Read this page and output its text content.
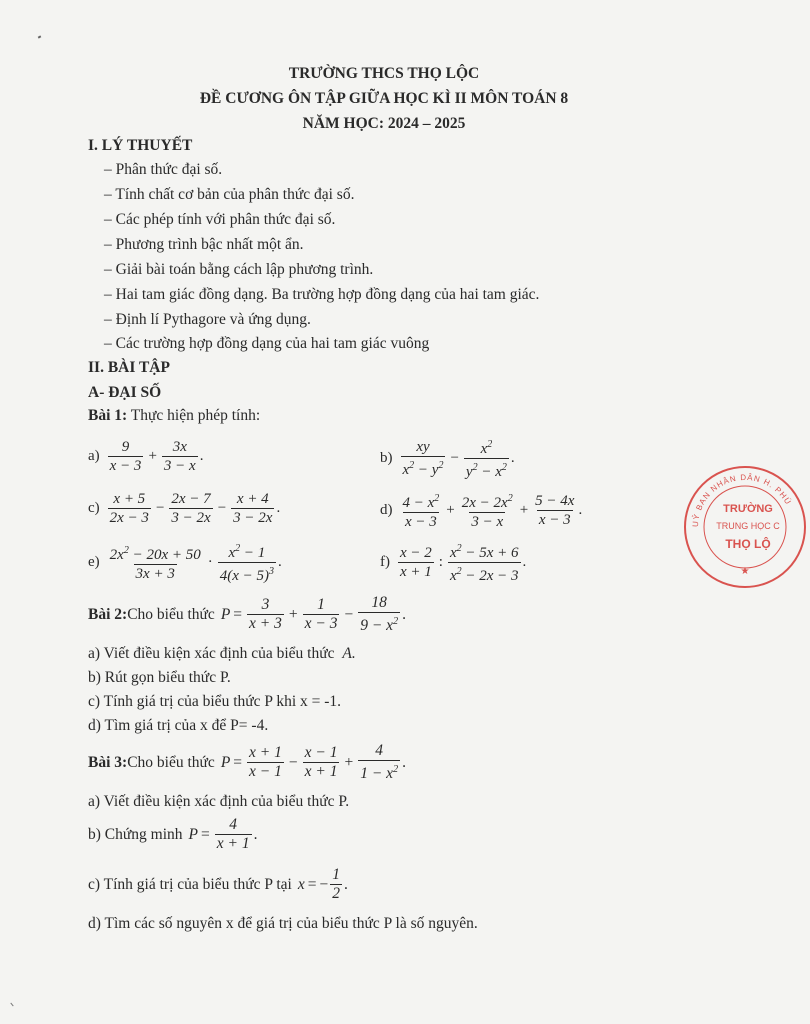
TRƯỜNG THCS THỌ LỘC
ĐỀ CƯƠNG ÔN TẬP GIỮA HỌC KÌ II MÔN TOÁN 8
NĂM HỌC: 2024 – 2025
I. LÝ THUYẾT
– Phân thức đại số.
– Tính chất cơ bản của phân thức đại số.
– Các phép tính với phân thức đại số.
– Phương trình bậc nhất một ẩn.
– Giải bài toán bằng cách lập phương trình.
– Hai tam giác đồng dạng. Ba trường hợp đồng dạng của hai tam giác.
– Định lí Pythagore và ứng dụng.
– Các trường hợp đồng dạng của hai tam giác vuông
II. BÀI TẬP
A- ĐẠI SỐ
Bài 1: Thực hiện phép tính:
$a) \frac{9}{x - 3} + \frac{3x}{3 - x}$ .	$b) \frac{xy}{x^2 - y^2} - \frac{x^2}{y^2 - x^2}$ .
$c) \frac{x + 5}{2x - 3} - \frac{2x - 7}{3 - 2x} - \frac{x + 4}{3 - 2x}$ .	$d) \frac{4 - x^2}{x - 3} + \frac{2x - 2x^2}{3 - x} + \frac{5 - 4x}{x - 3}$ .
$e) \frac{2x^2 - 20x + 50}{3x + 3} \cdot \frac{x^2 - 1}{4(x - 5)^3}$ .	$f) \frac{x - 2}{x + 1}$ : $\frac{x^2 - 5x + 6}{x^2 - 2x - 3}$ .
Bài 2: Cho biểu thức $P = \frac{3}{x + 3} + \frac{1}{x - 3} - \frac{18}{9 - x^2}$ .
a) Viết điều kiện xác định của biểu thức A.
b) Rút gọn biểu thức P.
c) Tính giá trị của biểu thức P khi x = -1.
d) Tìm giá trị của x để P= -4.
Bài 3: Cho biểu thức $P = \frac{x + 1}{x - 1} - \frac{x - 1}{x + 1} + \frac{4}{1 - x^2}$ .
a) Viết điều kiện xác định của biểu thức P.
b) Chứng minh $P = \frac{4}{x + 1}$ .
c) Tính giá trị của biểu thức P tại x = − $\frac{1}{2}$ .
d) Tìm các số nguyên x để giá trị của biểu thức P là số nguyên.
UỶ BAN NHÂN DÂN H. PHÚ
TRƯỜNG
TRUNG HỌC C
THỌ LỘ
★
